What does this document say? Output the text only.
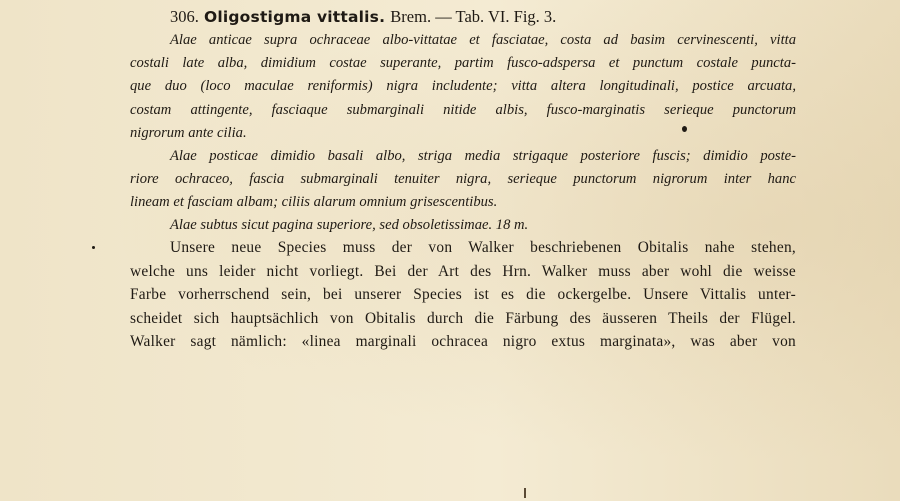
306. Oligostigma vittalis. Brem. — Tab. VI. Fig. 3.
Alae anticae supra ochraceae albo-vittatae et fasciatae, costa ad basim cervinescenti, vitta
costali late alba, dimidium costae superante, partim fusco-adspersa et punctum costale puncta-
que duo (loco maculae reniformis) nigra includente; vitta altera longitudinali, postice arcuata,
costam attingente, fasciaque submarginali nitide albis, fusco-marginatis serieque punctorum
nigrorum ante cilia.
Alae posticae dimidio basali albo, striga media strigaque posteriore fuscis; dimidio poste-
riore ochraceo, fascia submarginali tenuiter nigra, serieque punctorum nigrorum inter hanc
lineam et fasciam albam; ciliis alarum omnium grisescentibus.
Alae subtus sicut pagina superiore, sed obsoletissimae. 18 m.
Unsere neue Species muss der von Walker beschriebenen Obitalis nahe stehen,
welche uns leider nicht vorliegt. Bei der Art des Hrn. Walker muss aber wohl die weisse
Farbe vorherrschend sein, bei unserer Species ist es die ockergelbe. Unsere Vittalis unter-
scheidet sich hauptsächlich von Obitalis durch die Färbung des äusseren Theils der Flügel.
Walker sagt nämlich: «linea marginali ochracea nigro extus marginata», was aber von
